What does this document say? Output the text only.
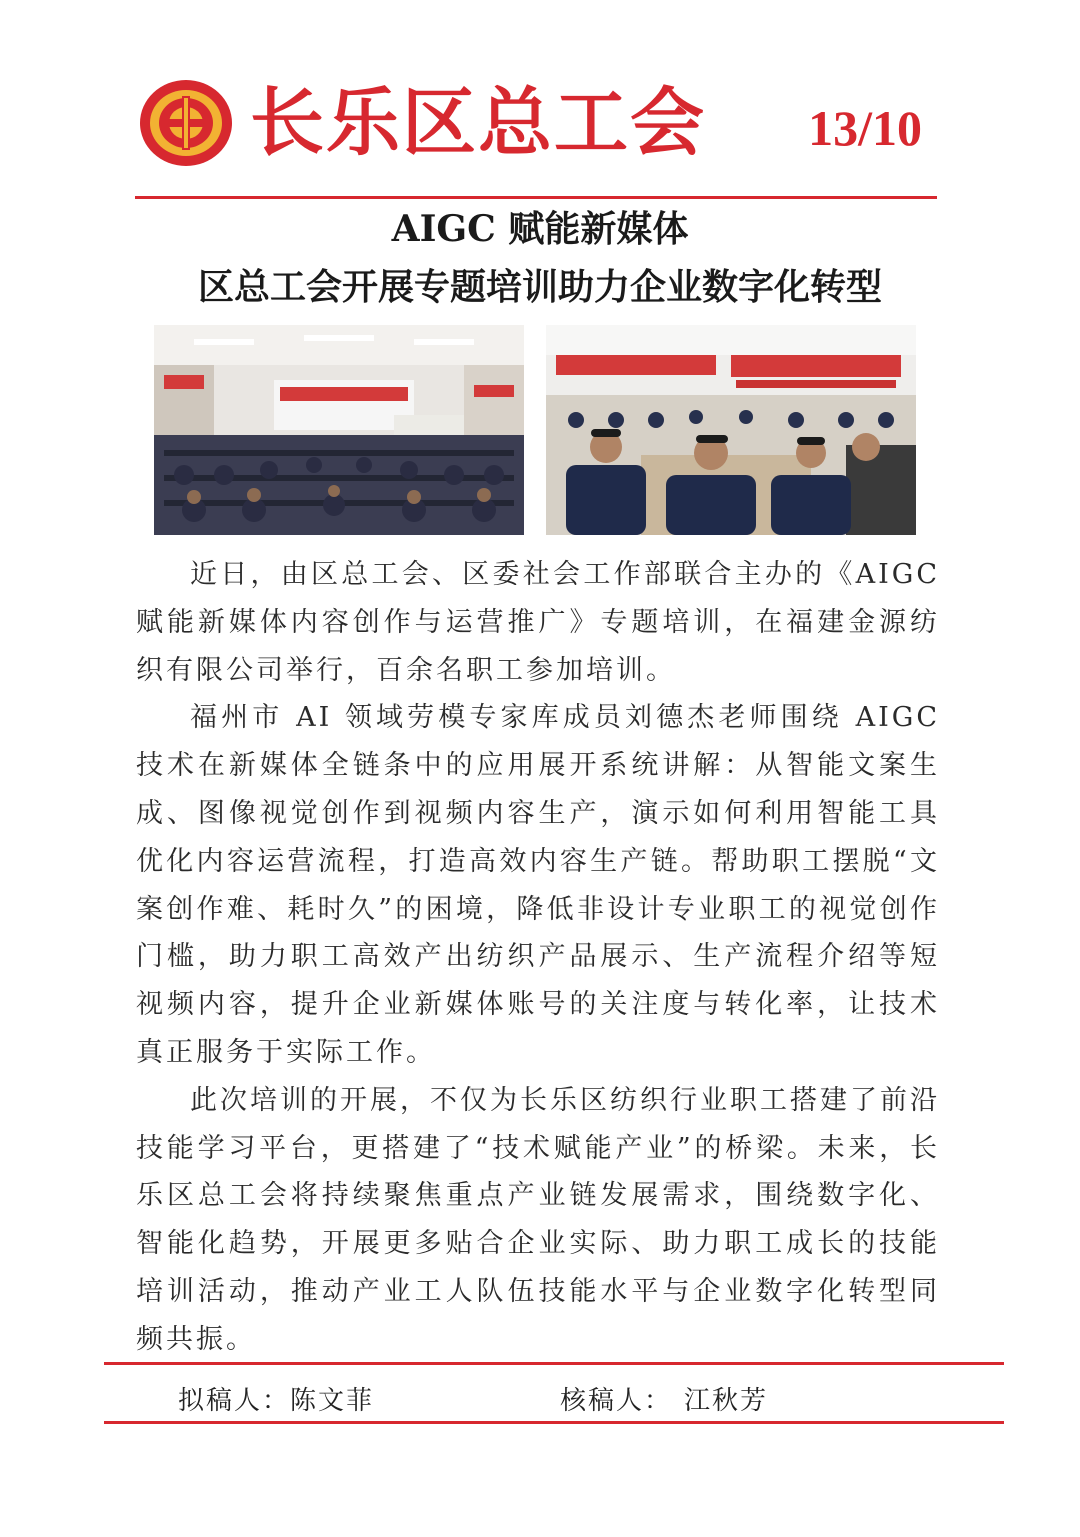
长乐区总工会 13/10
AIGC 赋能新媒体
区总工会开展专题培训助力企业数字化转型

近日，由区总工会、区委社会工作部联合主办的《AIGC 赋能新媒体内容创作与运营推广》专题培训，在福建金源纺织有限公司举行，百余名职工参加培训。

福州市 AI 领域劳模专家库成员刘德杰老师围绕 AIGC 技术在新媒体全链条中的应用展开系统讲解：从智能文案生成、图像视觉创作到视频内容生产，演示如何利用智能工具优化内容运营流程，打造高效内容生产链。帮助职工摆脱“文案创作难、耗时久”的困境，降低非设计专业职工的视觉创作门槛，助力职工高效产出纺织产品展示、生产流程介绍等短视频内容，提升企业新媒体账号的关注度与转化率，让技术真正服务于实际工作。

此次培训的开展，不仅为长乐区纺织行业职工搭建了前沿技能学习平台，更搭建了“技术赋能产业”的桥梁。未来，长乐区总工会将持续聚焦重点产业链发展需求，围绕数字化、智能化趋势，开展更多贴合企业实际、助力职工成长的技能培训活动，推动产业工人队伍技能水平与企业数字化转型同频共振。

拟稿人：陈文菲	核稿人： 江秋芳
